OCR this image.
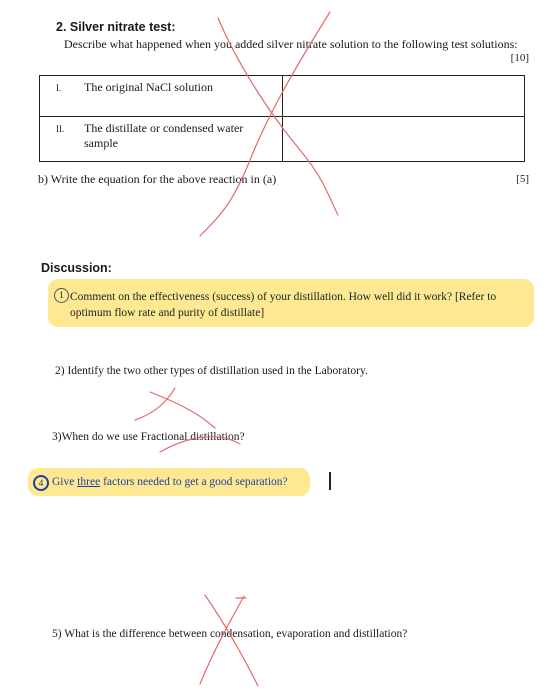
2. Silver nitrate test:
Describe what happened when you added silver nitrate solution to the following test solutions:
[10]
I. The original NaCl solution	
II. The distillate or condensed water sample	
b) Write the equation for the above reaction in (a)	[5]
Discussion:
1 Comment on the effectiveness (success) of your distillation. How well did it work? [Refer to optimum flow rate and purity of distillate]
2) Identify the two other types of distillation used in the Laboratory.
3)When do we use Fractional distillation?
4 Give three factors needed to get a good separation?
5) What is the difference between condensation, evaporation and distillation?
